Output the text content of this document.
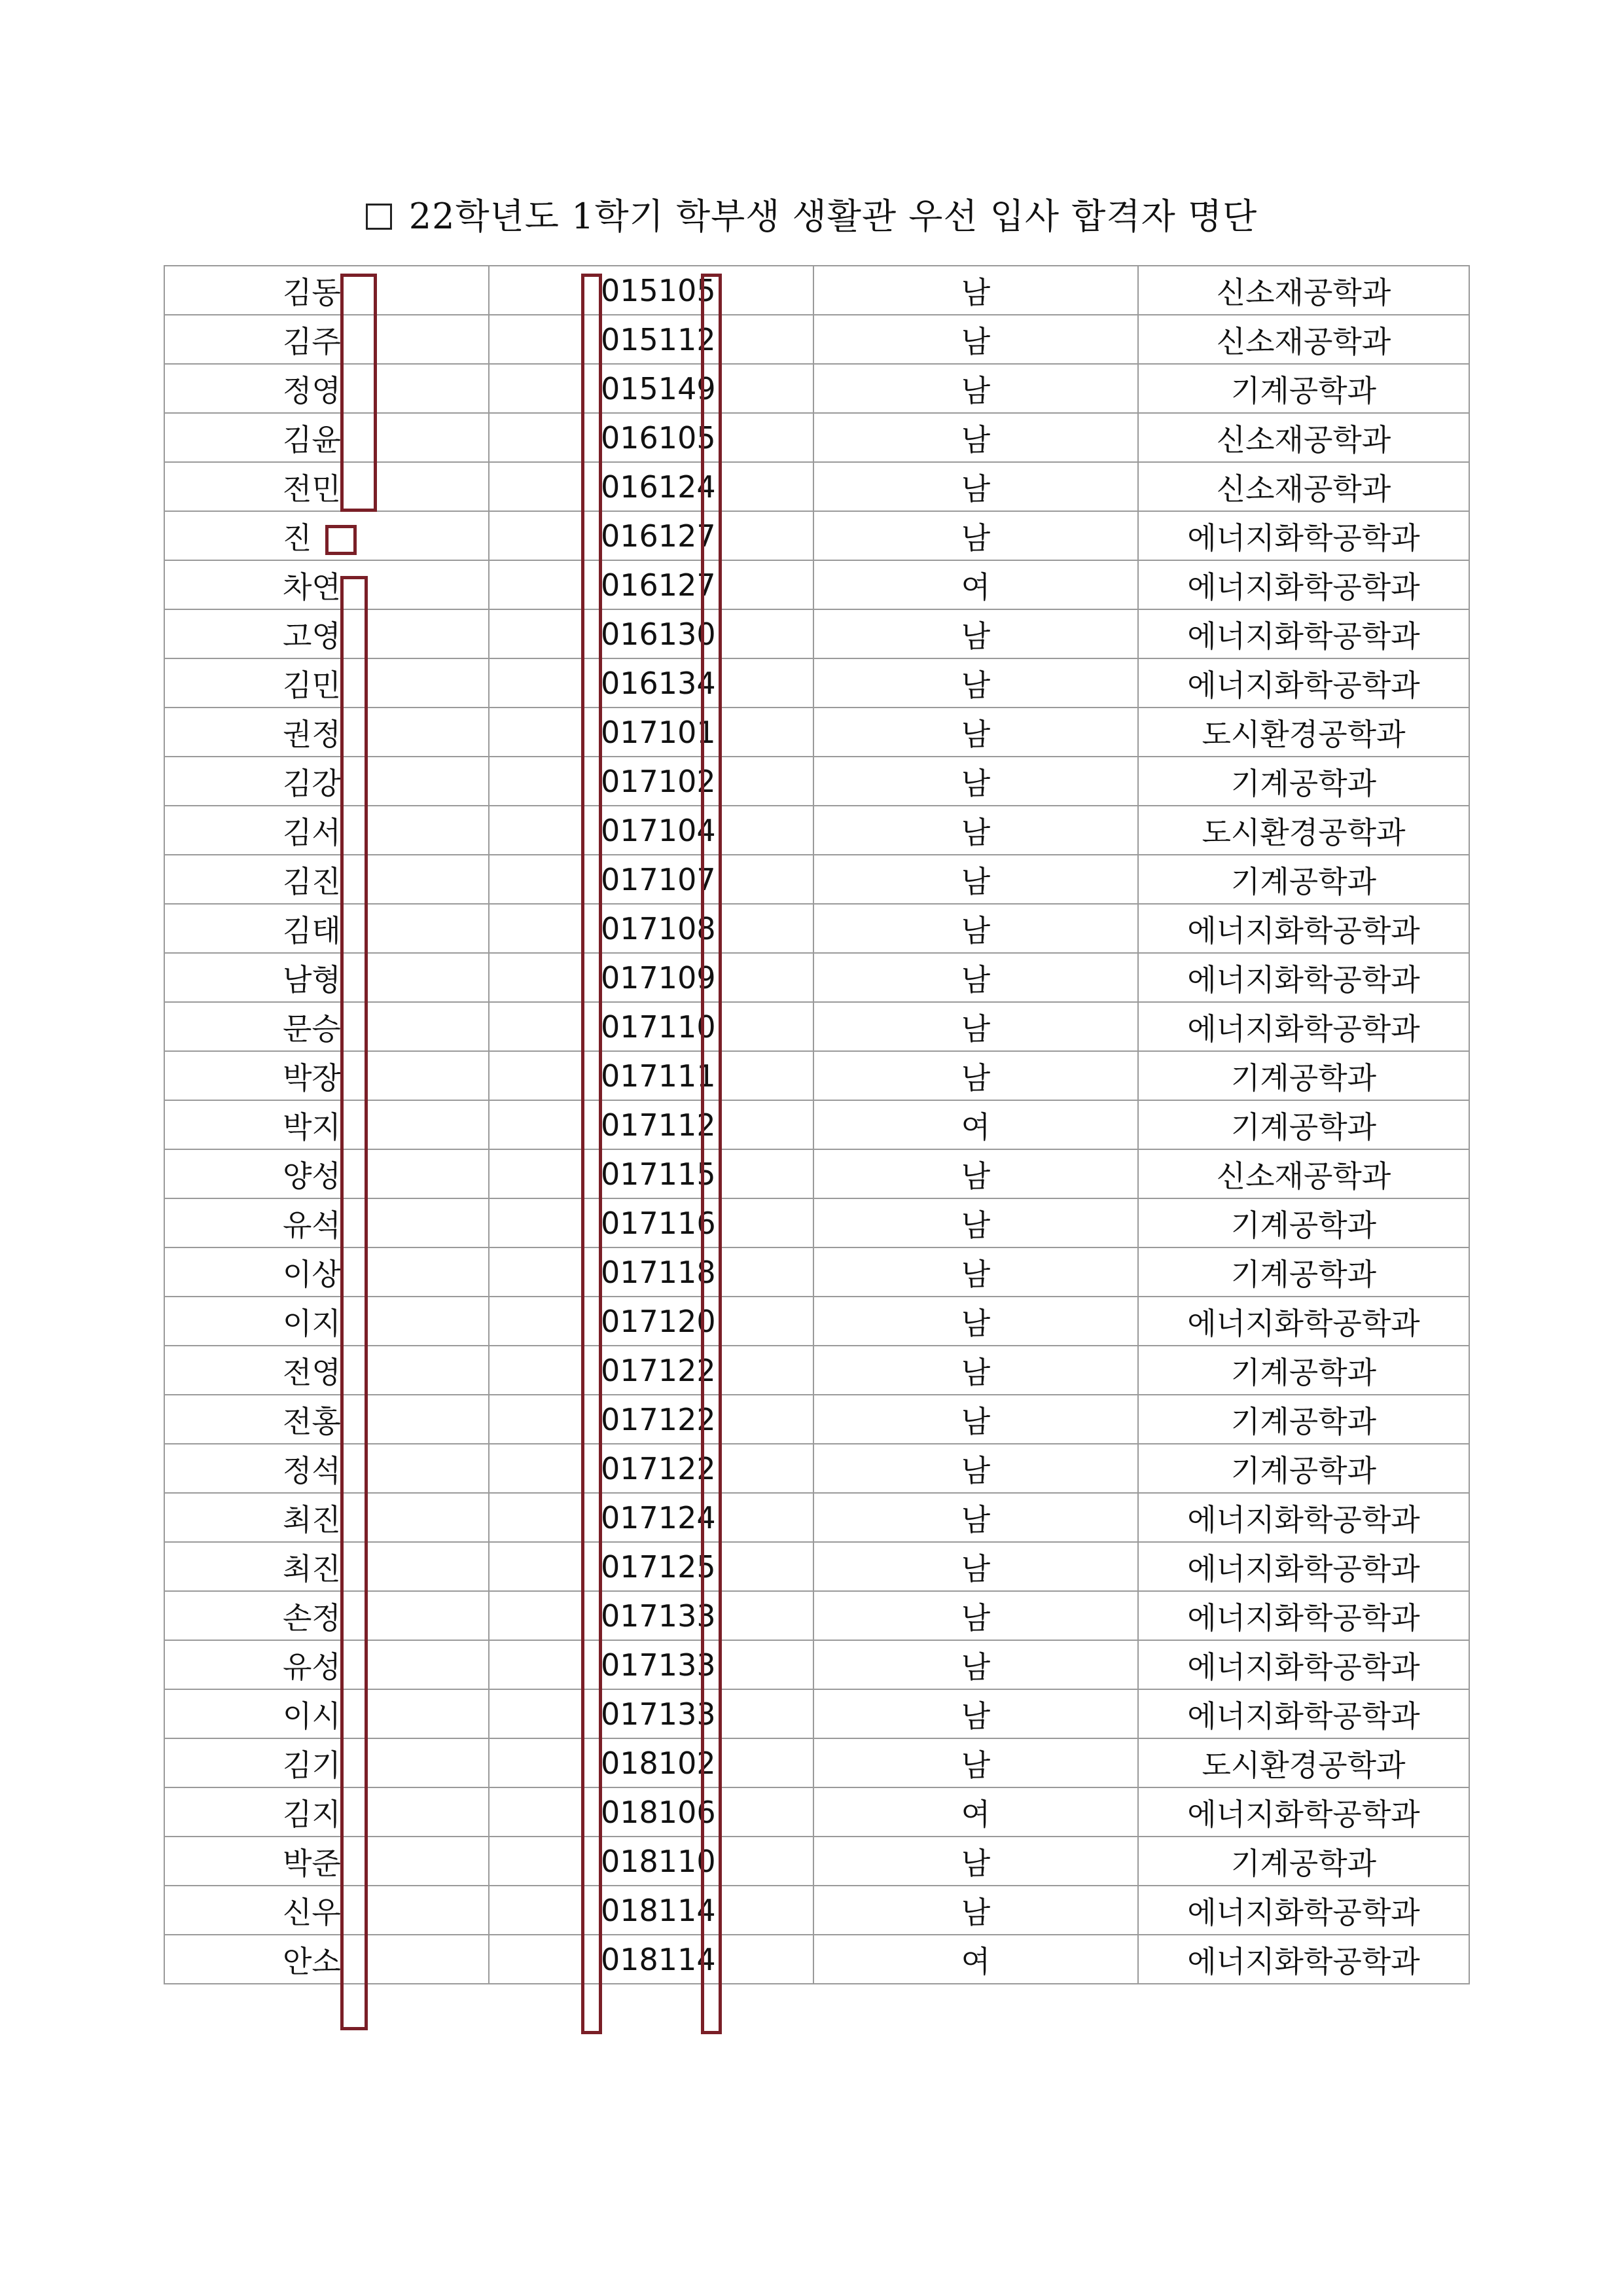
22학년도 1학기 학부생 생활관 우선 입사 합격자 명단
김동	015105	남	신소재공학과
김주	015112	남	신소재공학과
정영	015149	남	기계공학과
김윤	016105	남	신소재공학과
전민	016124	남	신소재공학과
진	016127	남	에너지화학공학과
차연	016127	여	에너지화학공학과
고영	016130	남	에너지화학공학과
김민	016134	남	에너지화학공학과
권정	017101	남	도시환경공학과
김강	017102	남	기계공학과
김서	017104	남	도시환경공학과
김진	017107	남	기계공학과
김태	017108	남	에너지화학공학과
남형	017109	남	에너지화학공학과
문승	017110	남	에너지화학공학과
박장	017111	남	기계공학과
박지	017112	여	기계공학과
양성	017115	남	신소재공학과
유석	017116	남	기계공학과
이상	017118	남	기계공학과
이지	017120	남	에너지화학공학과
전영	017122	남	기계공학과
전홍	017122	남	기계공학과
정석	017122	남	기계공학과
최진	017124	남	에너지화학공학과
최진	017125	남	에너지화학공학과
손정	017133	남	에너지화학공학과
유성	017133	남	에너지화학공학과
이시	017133	남	에너지화학공학과
김기	018102	남	도시환경공학과
김지	018106	여	에너지화학공학과
박준	018110	남	기계공학과
신우	018114	남	에너지화학공학과
안소	018114	여	에너지화학공학과
